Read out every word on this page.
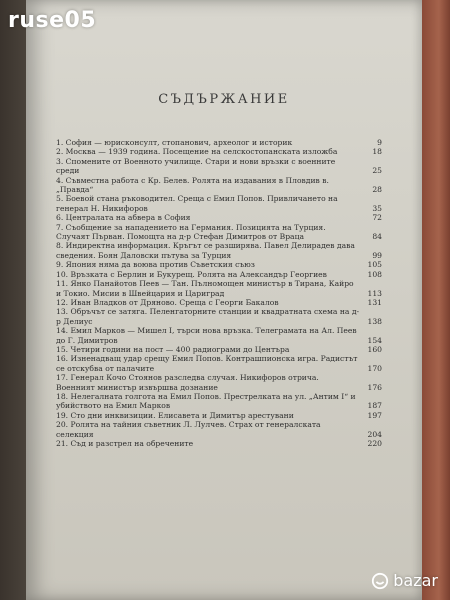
СЪДЪРЖАНИЕ
1. София — юрисконсулт, стопанович, археолог и историк	9
2. Москва — 1939 година. Посещение на селскостопанската изложба	18
3. Спомените от Военното училище. Стари и нови връзки с военните среди	25
4. Съвместна работа с Кр. Белев. Ролята на издавания в Пловдив в. „Правда“	28
5. Боевой стана ръководител. Среща с Емил Попов. Привличането на генерал Н. Никифоров	35
6. Централата на абвера в София	72
7. Съобщение за нападението на Германия. Позицията на Турция. Случаят Първан. Помощта на д-р Стефан Димитров от Враца	84
8. Индиректна информация. Кръгът се разширява. Павел Делирадев дава сведения. Боян Даловски пътува за Турция	99
9. Япония няма да воюва против Съветския съюз	105
10. Връзката с Берлин и Букурещ. Ролята на Александър Георгиев	108
11. Янко Панайотов Пеев — Тан. Пълномощен министър в Тирана, Кайро и Токио. Мисии в Швейцария и Цариград	113
12. Иван Владков от Дряново. Среща с Георги Бакалов	131
13. Обръчът се затяга. Пеленгаторните станции и квадратната схема на д-р Делиус	138
14. Емил Марков — Мишел I, търси нова връзка. Телеграмата на Ал. Пеев до Г. Димитров	154
15. Четири години на пост — 400 радиограми до Центъра	160
16. Изненадващ удар срещу Емил Попов. Контрашпионска игра. Радистът се отскубва от палачите	170
17. Генерал Кочо Стоянов разследва случая. Никифоров отрича. Военният министър извършва дознание	176
18. Нелегалната голгота на Емил Попов. Престрелката на ул. „Антим I“ и убийството на Емил Марков	187
19. Сто дни инквизиции. Елисавета и Димитър арестувани	197
20. Ролята на тайния съветник Л. Лулчев. Страх от генералската селекция	204
21. Съд и разстрел на обречените	220
ruse05
bazar
